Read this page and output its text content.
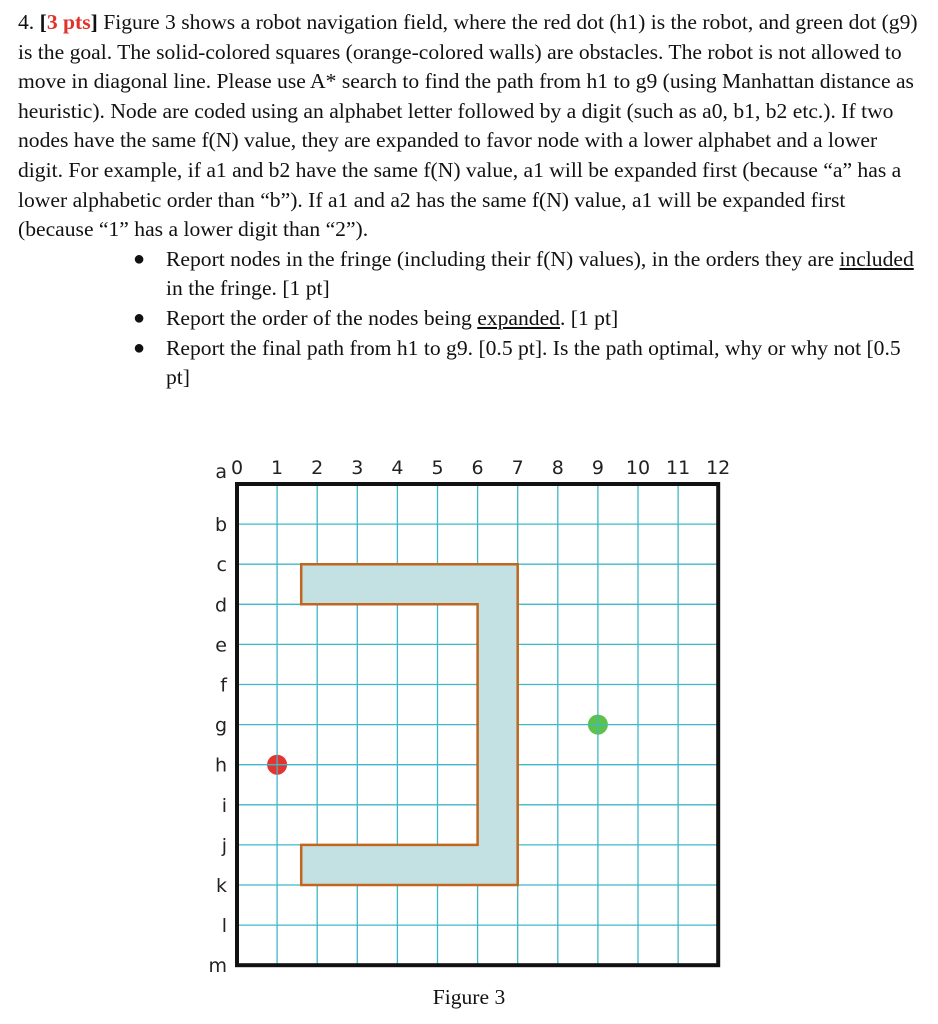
4. [3 pts] Figure 3 shows a robot navigation field, where the red dot (h1) is the robot, and green dot (g9) is the goal. The solid-colored squares (orange-colored walls) are obstacles. The robot is not allowed to move in diagonal line. Please use A* search to find the path from h1 to g9 (using Manhattan distance as heuristic). Node are coded using an alphabet letter followed by a digit (such as a0, b1, b2 etc.). If two nodes have the same f(N) value, they are expanded to favor node with a lower alphabet and a lower digit. For example, if a1 and b2 have the same f(N) value, a1 will be expanded first (because “a” has a lower alphabetic order than “b”). If a1 and a2 has the same f(N) value, a1 will be expanded first (because “1” has a lower digit than “2”).

● Report nodes in the fringe (including their f(N) values), in the orders they are included in the fringe. [1 pt]
● Report the order of the nodes being expanded. [1 pt]
● Report the final path from h1 to g9. [0.5 pt]. Is the path optimal, why or why not [0.5 pt]
0 1 2 3 4 5 6 7 8 9 10 11 12
a
b
c
d
e
f
g
h
i
j
k
l
m
Figure 3
